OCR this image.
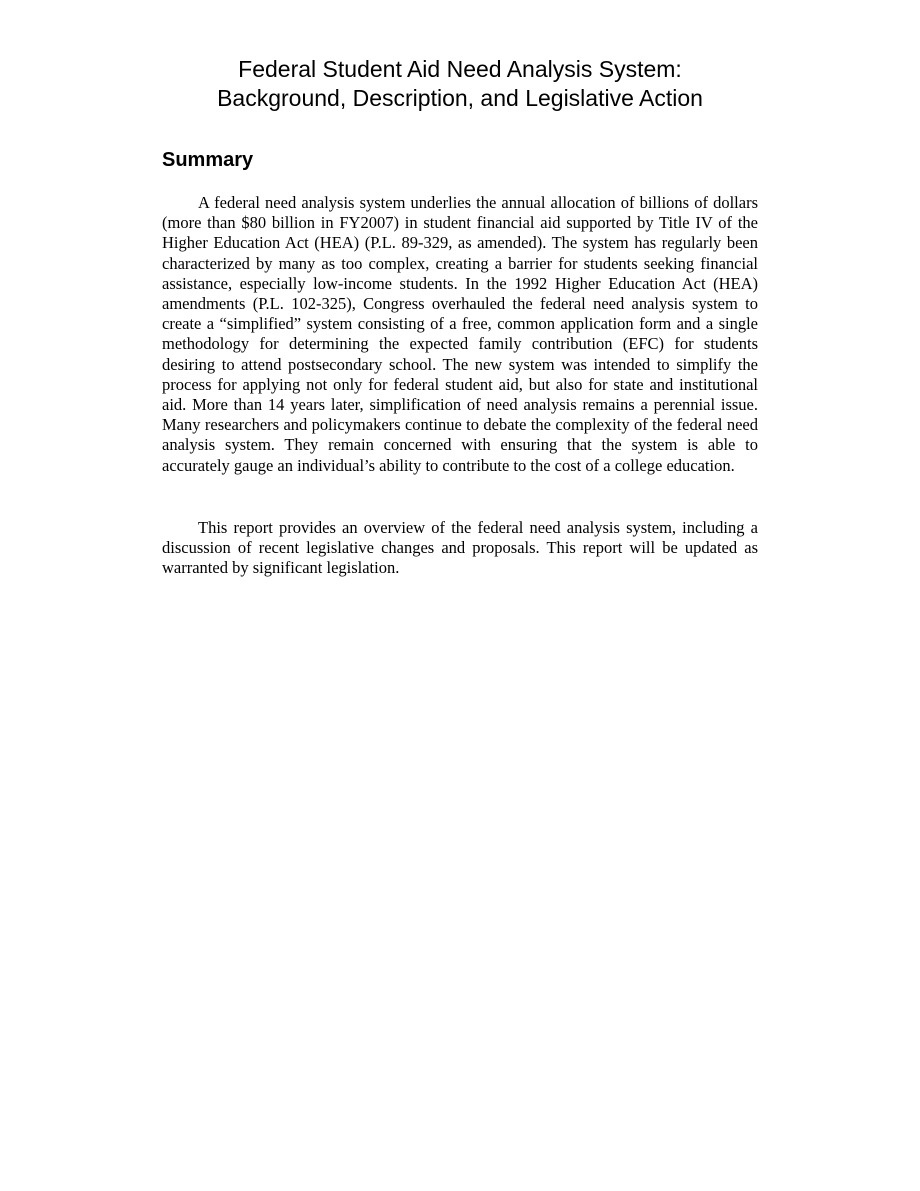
Federal Student Aid Need Analysis System:
Background, Description, and Legislative Action
Summary

A federal need analysis system underlies the annual allocation of billions of dollars (more than $80 billion in FY2007) in student financial aid supported by Title IV of the Higher Education Act (HEA) (P.L. 89-329, as amended). The system has regularly been characterized by many as too complex, creating a barrier for students seeking financial assistance, especially low-income students. In the 1992 Higher Education Act (HEA) amendments (P.L. 102-325), Congress overhauled the federal need analysis system to create a “simplified” system consisting of a free, common application form and a single methodology for determining the expected family contribution (EFC) for students desiring to attend postsecondary school. The new system was intended to simplify the process for applying not only for federal student aid, but also for state and institutional aid. More than 14 years later, simplification of need analysis remains a perennial issue. Many researchers and policymakers continue to debate the complexity of the federal need analysis system. They remain concerned with ensuring that the system is able to accurately gauge an individual’s ability to contribute to the cost of a college education.

This report provides an overview of the federal need analysis system, including a discussion of recent legislative changes and proposals. This report will be updated as warranted by significant legislation.
